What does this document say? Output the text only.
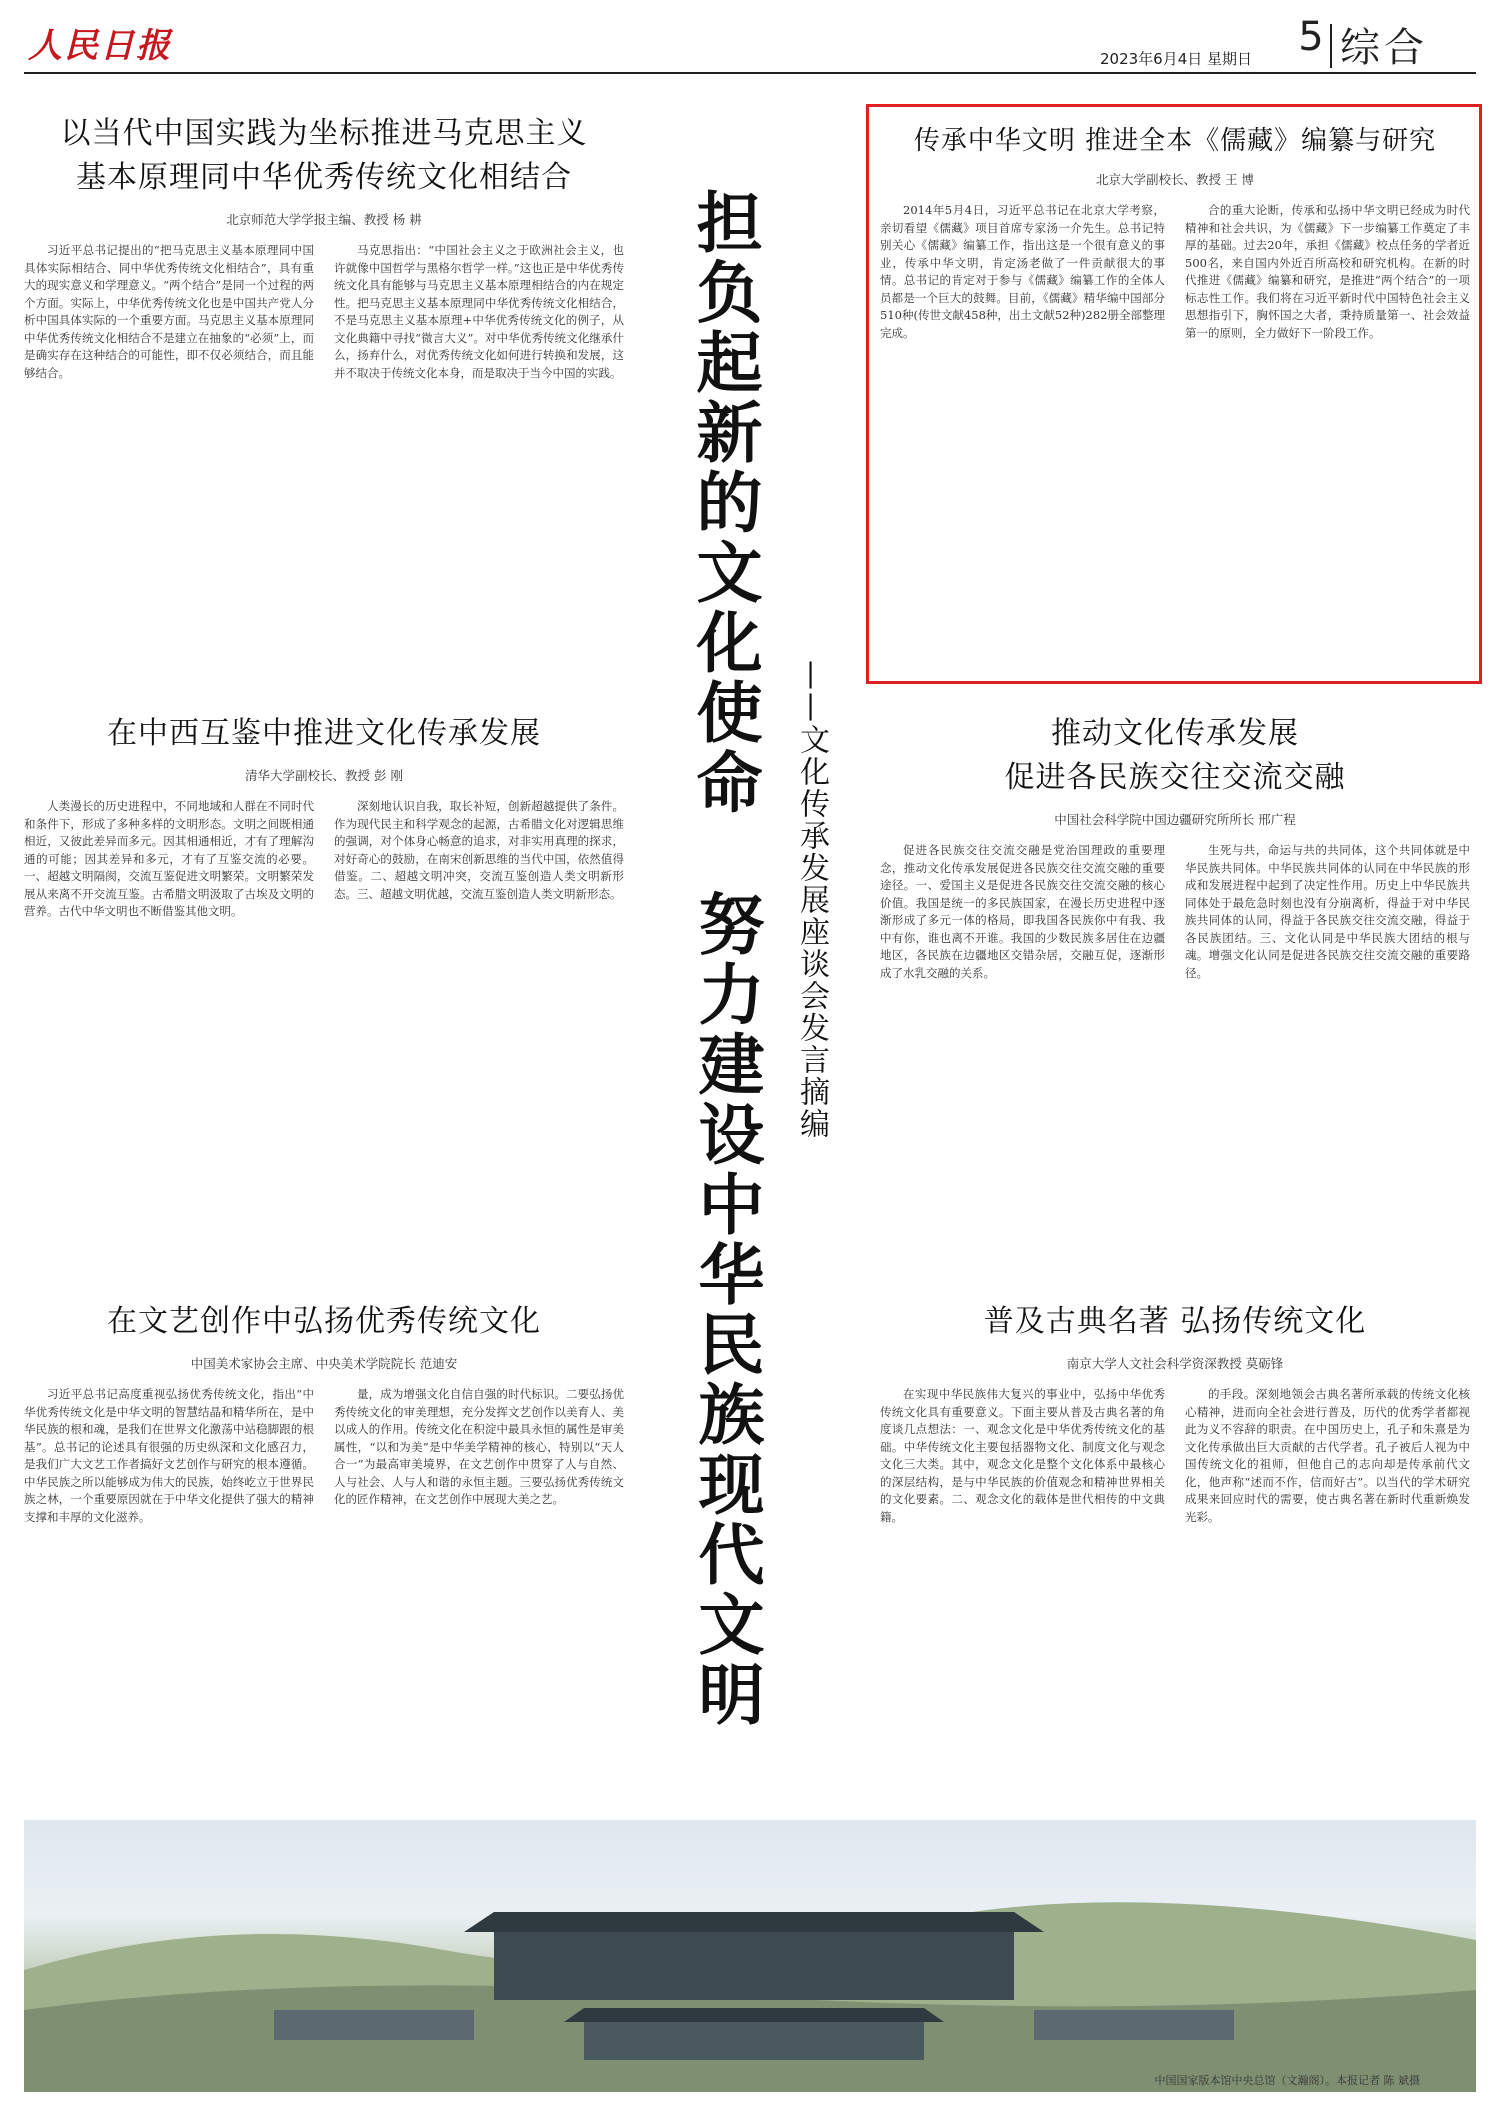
人民日报	2023年6月4日 星期日 5 综合
以当代中国实践为坐标推进马克思主义
基本原理同中华优秀传统文化相结合
北京师范大学学报主编、教授 杨 耕

习近平总书记提出的“把马克思主义基本原理同中国具体实际相结合、同中华优秀传统文化相结合”，具有重大的现实意义和学理意义。“两个结合”是同一个过程的两个方面。实际上，中华优秀传统文化也是中国共产党人分析中国具体实际的一个重要方面。马克思主义基本原理同中华优秀传统文化相结合不是建立在抽象的“必须”上，而是确实存在这种结合的可能性，即不仅必须结合，而且能够结合。

马克思指出：“中国社会主义之于欧洲社会主义，也许就像中国哲学与黑格尔哲学一样。”这也正是中华优秀传统文化具有能够与马克思主义基本原理相结合的内在规定性。把马克思主义基本原理同中华优秀传统文化相结合，不是马克思主义基本原理+中华优秀传统文化的例子，从文化典籍中寻找“微言大义”。对中华优秀传统文化继承什么，扬弃什么，对优秀传统文化如何进行转换和发展，这并不取决于传统文化本身，而是取决于当今中国的实践。 担负起新的文化使命
努力建设中华民族现代文明 ——文化传承发展座谈会发言摘编
传承中华文明 推进全本《儒藏》编纂与研究
北京大学副校长、教授 王 博

2014年5月4日，习近平总书记在北京大学考察，亲切看望《儒藏》项目首席专家汤一介先生。总书记特别关心《儒藏》编纂工作，指出这是一个很有意义的事业，传承中华文明，肯定汤老做了一件贡献很大的事情。总书记的肯定对于参与《儒藏》编纂工作的全体人员都是一个巨大的鼓舞。目前，《儒藏》精华编中国部分510种(传世文献458种，出土文献52种)282册全部整理完成。

合的重大论断，传承和弘扬中华文明已经成为时代精神和社会共识，为《儒藏》下一步编纂工作奠定了丰厚的基础。过去20年，承担《儒藏》校点任务的学者近500名，来自国内外近百所高校和研究机构。在新的时代推进《儒藏》编纂和研究，是推进“两个结合”的一项标志性工作。我们将在习近平新时代中国特色社会主义思想指引下，胸怀国之大者，秉持质量第一、社会效益第一的原则，全力做好下一阶段工作。

在中西互鉴中推进文化传承发展
清华大学副校长、教授 彭 刚

人类漫长的历史进程中，不同地域和人群在不同时代和条件下，形成了多种多样的文明形态。文明之间既相通相近，又彼此差异而多元。因其相通相近，才有了理解沟通的可能；因其差异和多元，才有了互鉴交流的必要。一、超越文明隔阂，交流互鉴促进文明繁荣。文明繁荣发展从来离不开交流互鉴。古希腊文明汲取了古埃及文明的营养。古代中华文明也不断借鉴其他文明。

深刻地认识自我，取长补短，创新超越提供了条件。作为现代民主和科学观念的起源，古希腊文化对逻辑思维的强调，对个体身心畅意的追求，对非实用真理的探求，对好奇心的鼓励，在南宋创新思维的当代中国，依然值得借鉴。二、超越文明冲突，交流互鉴创造人类文明新形态。三、超越文明优越，交流互鉴创造人类文明新形态。

推动文化传承发展
促进各民族交往交流交融
中国社会科学院中国边疆研究所所长 邢广程

促进各民族交往交流交融是党治国理政的重要理念，推动文化传承发展促进各民族交往交流交融的重要途径。一、爱国主义是促进各民族交往交流交融的核心价值。我国是统一的多民族国家，在漫长历史进程中逐渐形成了多元一体的格局，即我国各民族你中有我、我中有你，谁也离不开谁。我国的少数民族多居住在边疆地区，各民族在边疆地区交错杂居，交融互促，逐渐形成了水乳交融的关系。

生死与共，命运与共的共同体，这个共同体就是中华民族共同体。中华民族共同体的认同在中华民族的形成和发展进程中起到了决定性作用。历史上中华民族共同体处于最危急时刻也没有分崩离析，得益于对中华民族共同体的认同，得益于各民族交往交流交融，得益于各民族团结。三、文化认同是中华民族大团结的根与魂。增强文化认同是促进各民族交往交流交融的重要路径。

在文艺创作中弘扬优秀传统文化
中国美术家协会主席、中央美术学院院长 范迪安

习近平总书记高度重视弘扬优秀传统文化，指出“中华优秀传统文化是中华文明的智慧结晶和精华所在，是中华民族的根和魂，是我们在世界文化激荡中站稳脚跟的根基”。总书记的论述具有很强的历史纵深和文化感召力，是我们广大文艺工作者搞好文艺创作与研究的根本遵循。中华民族之所以能够成为伟大的民族，始终屹立于世界民族之林，一个重要原因就在于中华文化提供了强大的精神支撑和丰厚的文化滋养。

量，成为增强文化自信自强的时代标识。二要弘扬优秀传统文化的审美理想，充分发挥文艺创作以美育人、美以成人的作用。传统文化在积淀中最具永恒的属性是审美属性，“以和为美”是中华美学精神的核心，特别以“天人合一”为最高审美境界，在文艺创作中贯穿了人与自然、人与社会、人与人和谐的永恒主题。三要弘扬优秀传统文化的匠作精神，在文艺创作中展现大美之艺。

普及古典名著 弘扬传统文化
南京大学人文社会科学资深教授 莫砺锋

在实现中华民族伟大复兴的事业中，弘扬中华优秀传统文化具有重要意义。下面主要从普及古典名著的角度谈几点想法：一、观念文化是中华优秀传统文化的基础。中华传统文化主要包括器物文化、制度文化与观念文化三大类。其中，观念文化是整个文化体系中最核心的深层结构，是与中华民族的价值观念和精神世界相关的文化要素。二、观念文化的载体是世代相传的中文典籍。

的手段。深刻地领会古典名著所承载的传统文化核心精神，进而向全社会进行普及，历代的优秀学者都视此为义不容辞的职责。在中国历史上，孔子和朱熹是为文化传承做出巨大贡献的古代学者。孔子被后人视为中国传统文化的祖师，但他自己的志向却是传承前代文化，他声称“述而不作，信而好古”。以当代的学术研究成果来回应时代的需要，使古典名著在新时代重新焕发光彩。

中国国家版本馆中央总馆（文瀚阁）。本报记者 陈 斌摄
